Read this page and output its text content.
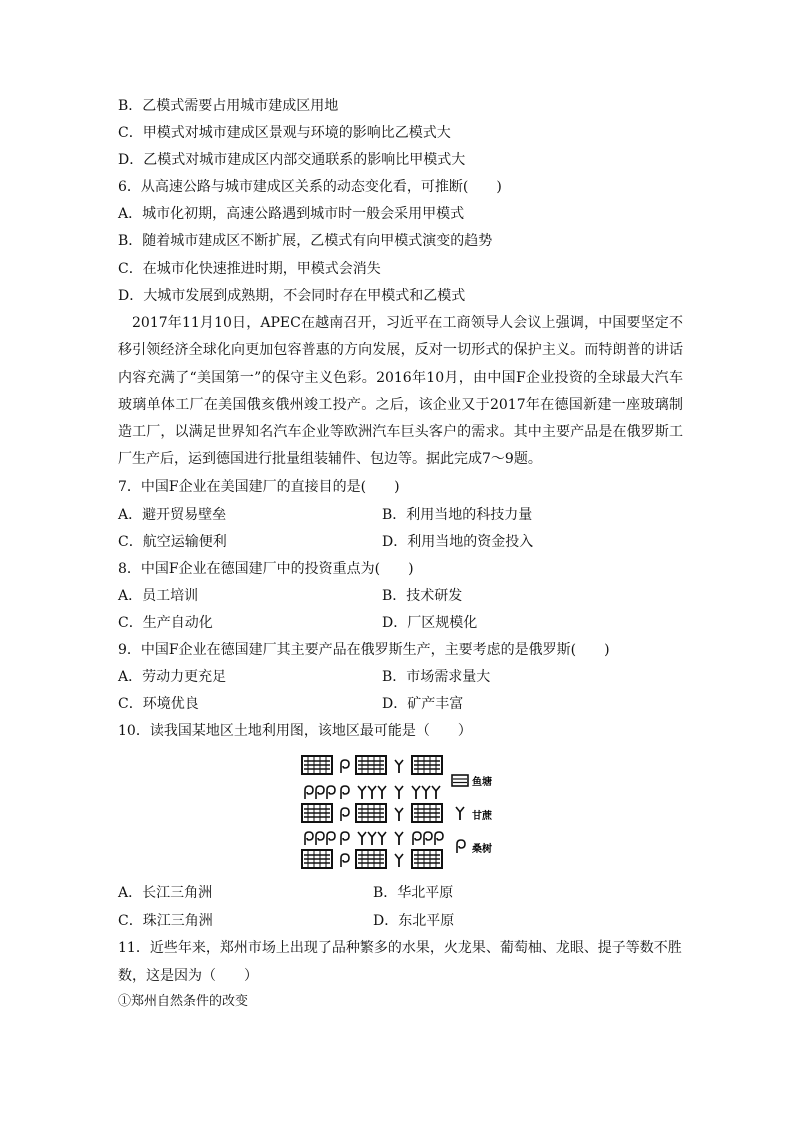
B．乙模式需要占用城市建成区用地
C．甲模式对城市建成区景观与环境的影响比乙模式大
D．乙模式对城市建成区内部交通联系的影响比甲模式大
6．从高速公路与城市建成区关系的动态变化看，可推断(　　)
A．城市化初期，高速公路遇到城市时一般会采用甲模式
B．随着城市建成区不断扩展，乙模式有向甲模式演变的趋势
C．在城市化快速推进时期，甲模式会消失
D．大城市发展到成熟期，不会同时存在甲模式和乙模式
2017年11月10日，APEC在越南召开，习近平在工商领导人会议上强调，中国要坚定不移引领经济全球化向更加包容普惠的方向发展，反对一切形式的保护主义。而特朗普的讲话内容充满了“美国第一”的保守主义色彩。2016年10月，由中国F企业投资的全球最大汽车玻璃单体工厂在美国俄亥俄州竣工投产。之后，该企业又于2017年在德国新建一座玻璃制造工厂，以满足世界知名汽车企业等欧洲汽车巨头客户的需求。其中主要产品是在俄罗斯工厂生产后，运到德国进行批量组装辅件、包边等。据此完成7～9题。
7．中国F企业在美国建厂的直接目的是(　　)
A．避开贸易壁垒	B．利用当地的科技力量
C．航空运输便利	D．利用当地的资金投入
8．中国F企业在德国建厂中的投资重点为(　　)
A．员工培训	B．技术研发
C．生产自动化	D．厂区规模化
9．中国F企业在德国建厂其主要产品在俄罗斯生产，主要考虑的是俄罗斯(　　)
A．劳动力更充足	B．市场需求量大
C．环境优良	D．矿产丰富
10．读我国某地区土地利用图，该地区最可能是（　　）
鱼塘
甘蔗
桑树
A．长江三角洲	B．华北平原
C．珠江三角洲	D．东北平原
11．近些年来，郑州市场上出现了品种繁多的水果，火龙果、葡萄柚、龙眼、提子等数不胜
数，这是因为（　　）
①郑州自然条件的改变
